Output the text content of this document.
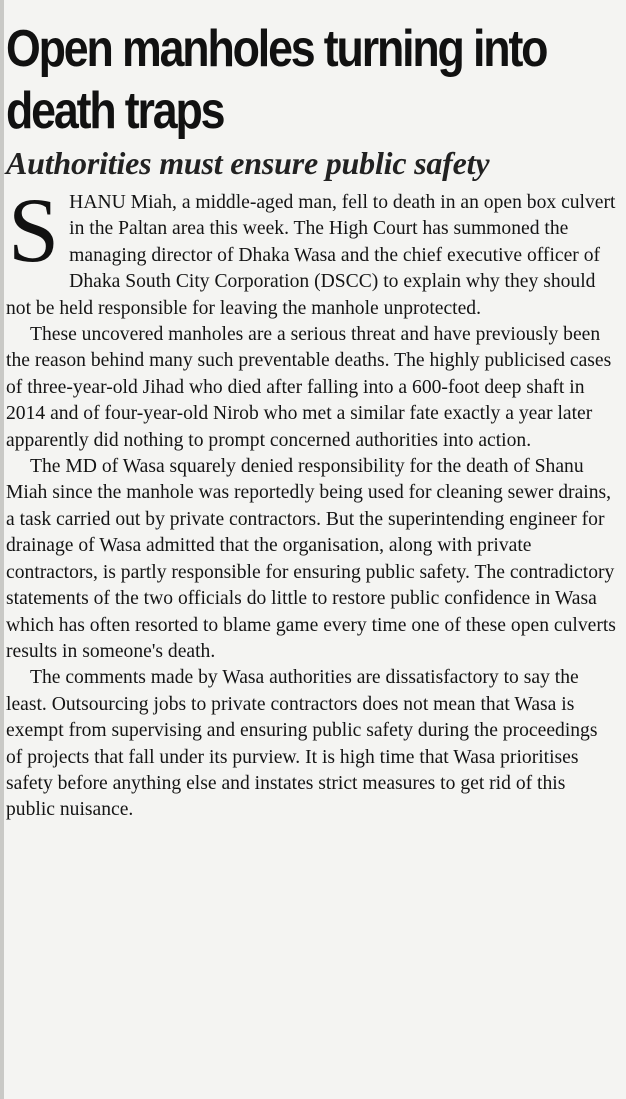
Open manholes turning into death traps
Authorities must ensure public safety

SHANU Miah, a middle-aged man, fell to death in an open box culvert in the Paltan area this week. The High Court has summoned the managing director of Dhaka Wasa and the chief executive officer of Dhaka South City Corporation (DSCC) to explain why they should not be held responsible for leaving the manhole unprotected.

These uncovered manholes are a serious threat and have previously been the reason behind many such preventable deaths. The highly publicised cases of three-year-old Jihad who died after falling into a 600-foot deep shaft in 2014 and of four-year-old Nirob who met a similar fate exactly a year later apparently did nothing to prompt concerned authorities into action.

The MD of Wasa squarely denied responsibility for the death of Shanu Miah since the manhole was reportedly being used for cleaning sewer drains, a task carried out by private contractors. But the superintending engineer for drainage of Wasa admitted that the organisation, along with private contractors, is partly responsible for ensuring public safety. The contradictory statements of the two officials do little to restore public confidence in Wasa which has often resorted to blame game every time one of these open culverts results in someone's death.

The comments made by Wasa authorities are dissatisfactory to say the least. Outsourcing jobs to private contractors does not mean that Wasa is exempt from supervising and ensuring public safety during the proceedings of projects that fall under its purview. It is high time that Wasa prioritises safety before anything else and instates strict measures to get rid of this public nuisance.
